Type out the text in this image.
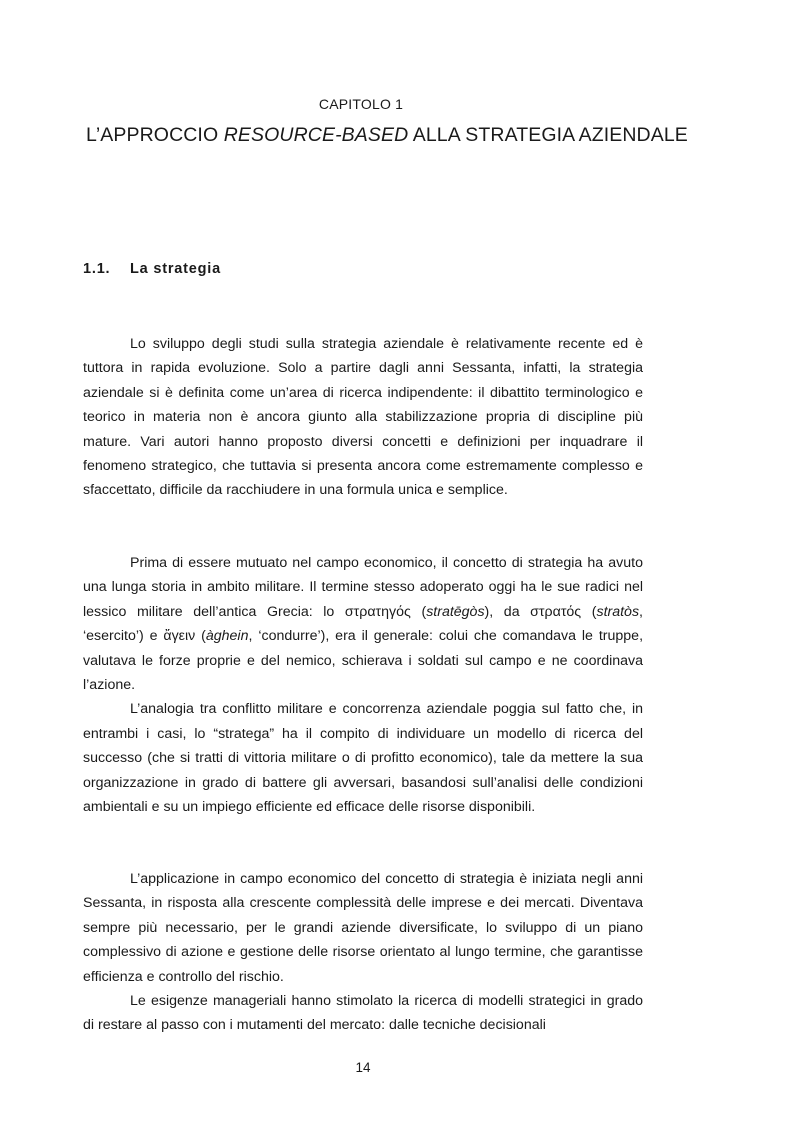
CAPITOLO 1
L’APPROCCIO RESOURCE-BASED ALLA STRATEGIA AZIENDALE
1.1. La strategia

Lo sviluppo degli studi sulla strategia aziendale è relativamente recente ed è tuttora in rapida evoluzione. Solo a partire dagli anni Sessanta, infatti, la strategia aziendale si è definita come un’area di ricerca indipendente: il dibattito terminologico e teorico in materia non è ancora giunto alla stabilizzazione propria di discipline più mature. Vari autori hanno proposto diversi concetti e definizioni per inquadrare il fenomeno strategico, che tuttavia si presenta ancora come estremamente complesso e sfaccettato, difficile da racchiudere in una formula unica e semplice.

Prima di essere mutuato nel campo economico, il concetto di strategia ha avuto una lunga storia in ambito militare. Il termine stesso adoperato oggi ha le sue radici nel lessico militare dell’antica Grecia: lo στρατηγός (stratēgòs), da στρατός (stratòs, ‘esercito’) e ἄγειν (àghein, ‘condurre’), era il generale: colui che comandava le truppe, valutava le forze proprie e del nemico, schierava i soldati sul campo e ne coordinava l’azione.

L’analogia tra conflitto militare e concorrenza aziendale poggia sul fatto che, in entrambi i casi, lo “stratega” ha il compito di individuare un modello di ricerca del successo (che si tratti di vittoria militare o di profitto economico), tale da mettere la sua organizzazione in grado di battere gli avversari, basandosi sull’analisi delle condizioni ambientali e su un impiego efficiente ed efficace delle risorse disponibili.

L’applicazione in campo economico del concetto di strategia è iniziata negli anni Sessanta, in risposta alla crescente complessità delle imprese e dei mercati. Diventava sempre più necessario, per le grandi aziende diversificate, lo sviluppo di un piano complessivo di azione e gestione delle risorse orientato al lungo termine, che garantisse efficienza e controllo del rischio.

Le esigenze manageriali hanno stimolato la ricerca di modelli strategici in grado di restare al passo con i mutamenti del mercato: dalle tecniche decisionali

14
